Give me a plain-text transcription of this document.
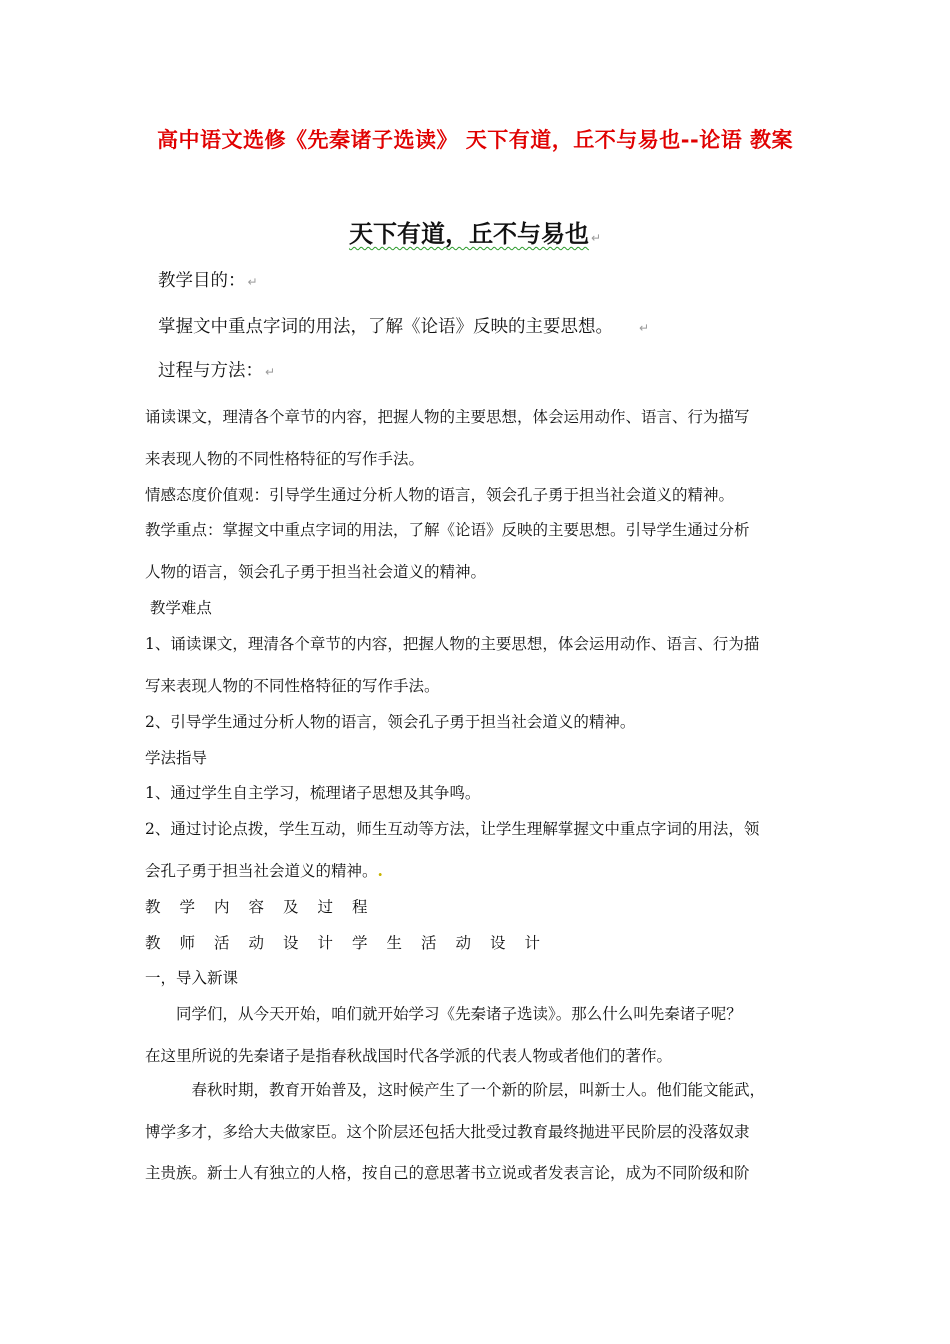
高中语文选修《先秦诸子选读》 天下有道，丘不与易也--论语 教案
天下有道，丘不与易也 ↵
教学目的： ↵
掌握文中重点字词的用法，了解《论语》反映的主要思想。 ↵
过程与方法： ↵
诵读课文，理清各个章节的内容，把握人物的主要思想，体会运用动作、语言、行为描写
来表现人物的不同性格特征的写作手法。
情感态度价值观：引导学生通过分析人物的语言，领会孔子勇于担当社会道义的精神。
教学重点：掌握文中重点字词的用法，了解《论语》反映的主要思想。引导学生通过分析
人物的语言，领会孔子勇于担当社会道义的精神。
教学难点
1、诵读课文，理清各个章节的内容，把握人物的主要思想，体会运用动作、语言、行为描
写来表现人物的不同性格特征的写作手法。
2、引导学生通过分析人物的语言，领会孔子勇于担当社会道义的精神。
学法指导
1、通过学生自主学习，梳理诸子思想及其争鸣。
2、通过讨论点拨，学生互动，师生互动等方法，让学生理解掌握文中重点字词的用法，领
会孔子勇于担当社会道义的精神。.
教学内容及过程
教师活动设计学生活动设计
一，导入新课
　　同学们，从今天开始，咱们就开始学习《先秦诸子选读》。那么什么叫先秦诸子呢？
在这里所说的先秦诸子是指春秋战国时代各学派的代表人物或者他们的著作。
　　　春秋时期，教育开始普及，这时候产生了一个新的阶层，叫新士人。他们能文能武，
博学多才，多给大夫做家臣。这个阶层还包括大批受过教育最终抛进平民阶层的没落奴隶
主贵族。新士人有独立的人格，按自己的意思著书立说或者发表言论，成为不同阶级和阶
